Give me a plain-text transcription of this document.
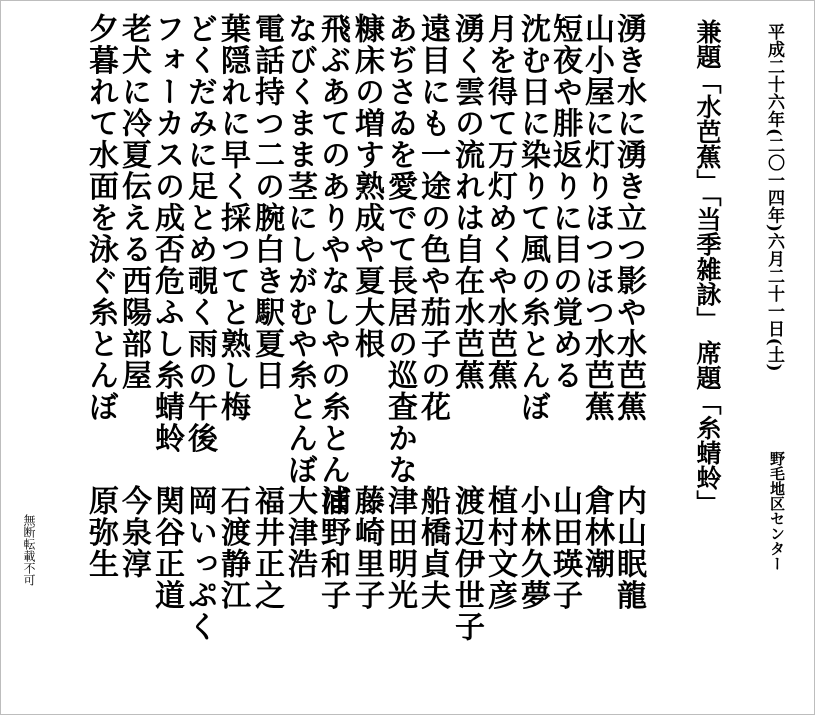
平成二十六年(二〇一四年)六月二十一日(土)
野毛地区センター
兼題「水芭蕉」「当季雑詠」 席題「糸蜻蛉」
湧き水に湧き立つ影や水芭蕉
山小屋に灯りほつほつ水芭蕉
短夜や腓返りに目の覚める
沈む日に染りて風の糸とんぼ
月を得て万灯めくや水芭蕉
湧く雲の流れは自在水芭蕉
遠目にも一途の色や茄子の花
あぢさゐを愛でて長居の巡査かな
糠床の増す熟成や夏大根
飛ぶあてのありやなしやの糸とんぼ
なびくまま茎にしがむや糸とんぼ
電話持つ二の腕白き駅夏日
葉隠れに早く採つてと熟し梅
どくだみに足とめ覗く雨の午後
フォーカスの成否危ふし糸蜻蛉
老犬に冷夏伝える西陽部屋
夕暮れて水面を泳ぐ糸とんぼ
内山眠龍
倉林潮
山田瑛子
小林久夢
植村文彦
渡辺伊世子
船橋貞夫
津田明光
藤崎里子
浦野和子
大津浩
福井正之
石渡静江
岡いっぷく
関谷正道
今泉淳
原弥生
無断転載不可
